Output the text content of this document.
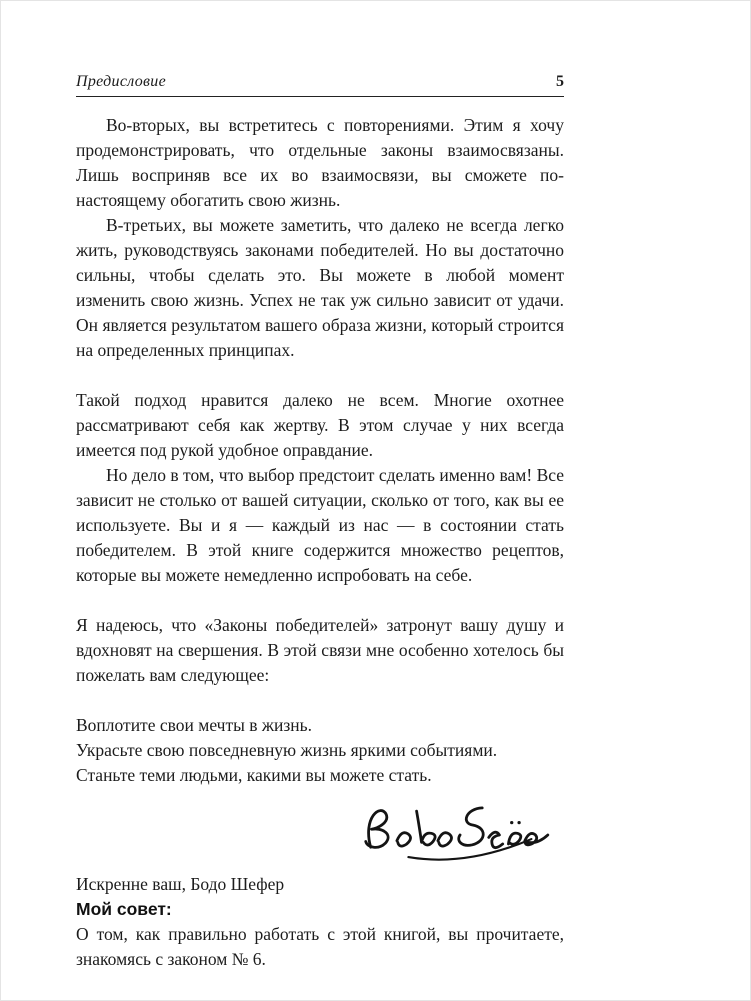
Предисловие	5

Во-вторых, вы встретитесь с повторениями. Этим я хочу продемонстрировать, что отдельные законы взаимосвязаны. Лишь восприняв все их во взаимосвязи, вы сможете по-настоящему обогатить свою жизнь.

В-третьих, вы можете заметить, что далеко не всегда легко жить, руководствуясь законами победителей. Но вы достаточно сильны, чтобы сделать это. Вы можете в любой момент изменить свою жизнь. Успех не так уж сильно зависит от удачи. Он является результатом вашего образа жизни, который строится на определенных принципах.

Такой подход нравится далеко не всем. Многие охотнее рассматривают себя как жертву. В этом случае у них всегда имеется под рукой удобное оправдание.

Но дело в том, что выбор предстоит сделать именно вам! Все зависит не столько от вашей ситуации, сколько от того, как вы ее используете. Вы и я — каждый из нас — в состоянии стать победителем. В этой книге содержится множество рецептов, которые вы можете немедленно испробовать на себе.

Я надеюсь, что «Законы победителей» затронут вашу душу и вдохновят на свершения. В этой связи мне особенно хотелось бы пожелать вам следующее:

Воплотите свои мечты в жизнь.

Украсьте свою повседневную жизнь яркими событиями.

Станьте теми людьми, какими вы можете стать.

Искренне ваш, Бодо Шефер

Мой совет:

О том, как правильно работать с этой книгой, вы прочитаете, знакомясь с законом № 6.
